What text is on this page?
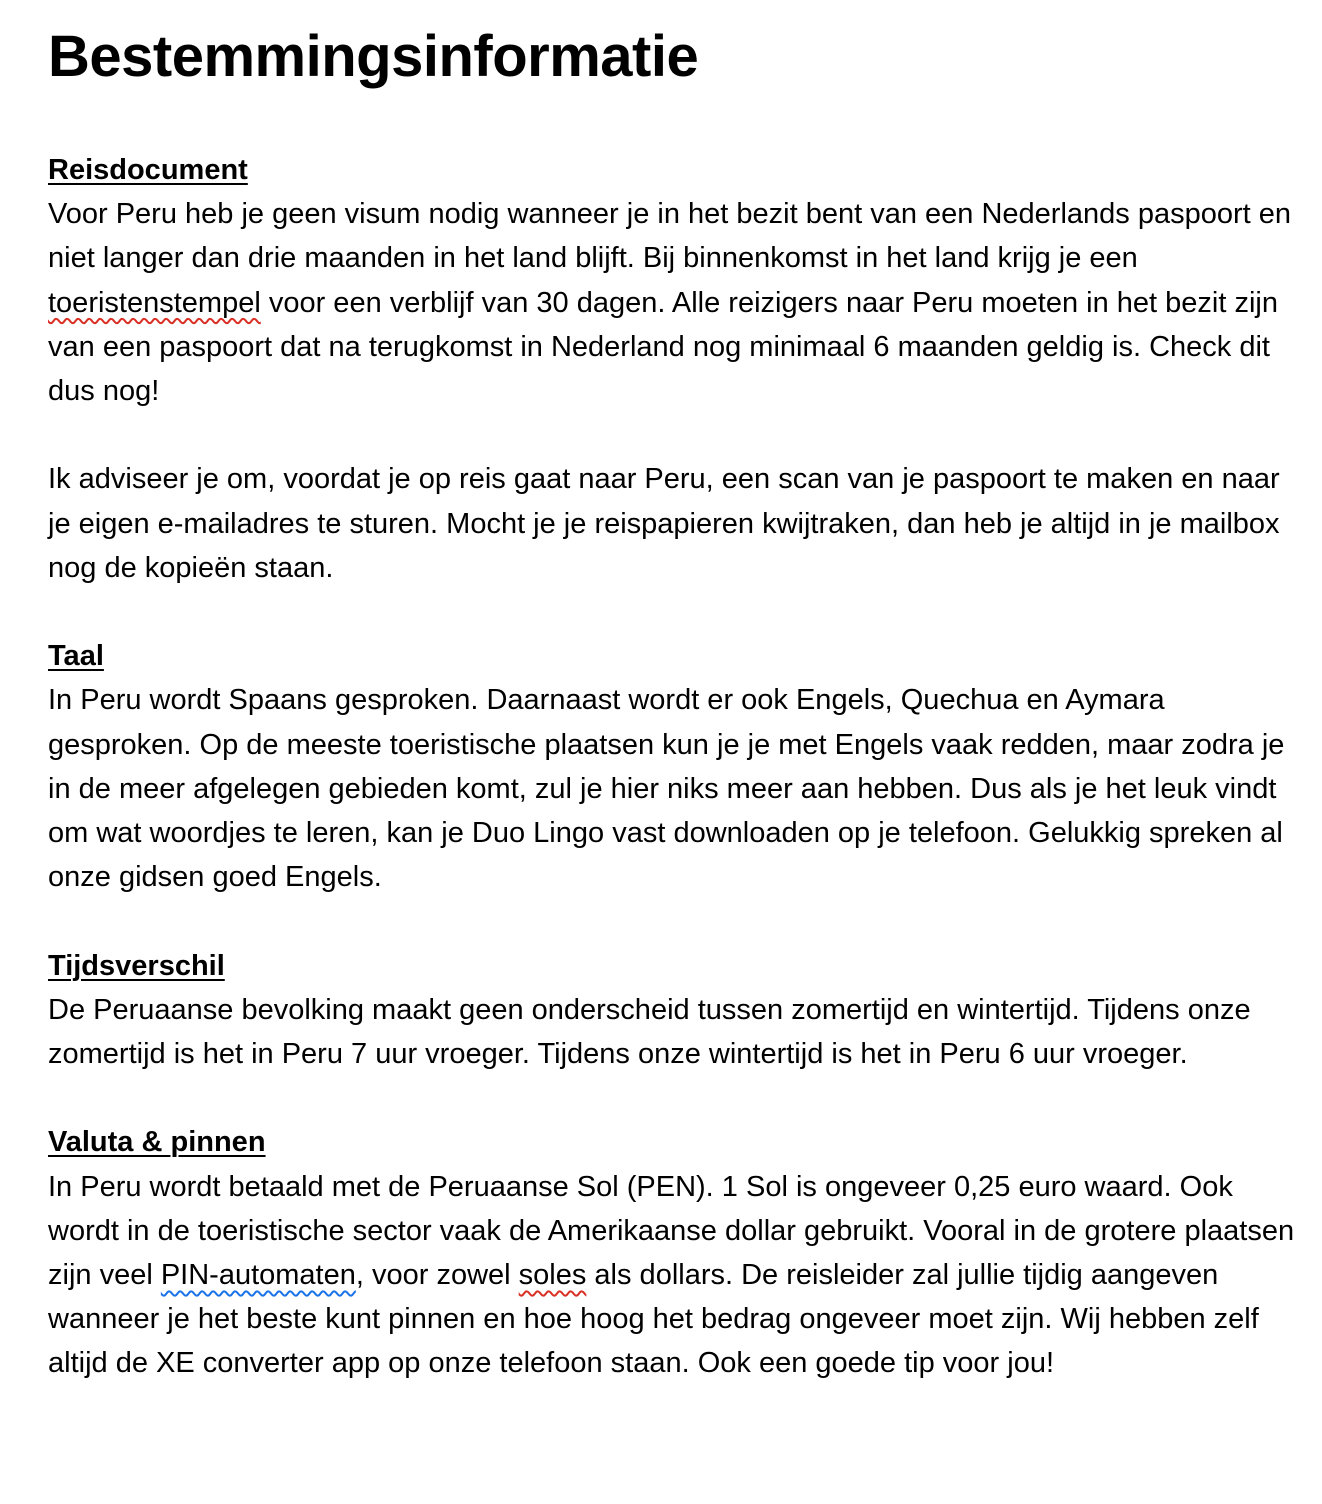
Bestemmingsinformatie
Reisdocument

Voor Peru heb je geen visum nodig wanneer je in het bezit bent van een Nederlands paspoort en niet langer dan drie maanden in het land blijft. Bij binnenkomst in het land krijg je een toeristenstempel voor een verblijf van 30 dagen. Alle reizigers naar Peru moeten in het bezit zijn van een paspoort dat na terugkomst in Nederland nog minimaal 6 maanden geldig is. Check dit dus nog!

Ik adviseer je om, voordat je op reis gaat naar Peru, een scan van je paspoort te maken en naar je eigen e-mailadres te sturen. Mocht je je reispapieren kwijtraken, dan heb je altijd in je mailbox nog de kopieën staan.

Taal

In Peru wordt Spaans gesproken. Daarnaast wordt er ook Engels, Quechua en Aymara gesproken. Op de meeste toeristische plaatsen kun je je met Engels vaak redden, maar zodra je in de meer afgelegen gebieden komt, zul je hier niks meer aan hebben. Dus als je het leuk vindt om wat woordjes te leren, kan je Duo Lingo vast downloaden op je telefoon. Gelukkig spreken al onze gidsen goed Engels.

Tijdsverschil

De Peruaanse bevolking maakt geen onderscheid tussen zomertijd en wintertijd. Tijdens onze zomertijd is het in Peru 7 uur vroeger. Tijdens onze wintertijd is het in Peru 6 uur vroeger.

Valuta & pinnen

In Peru wordt betaald met de Peruaanse Sol (PEN). 1 Sol is ongeveer 0,25 euro waard. Ook wordt in de toeristische sector vaak de Amerikaanse dollar gebruikt. Vooral in de grotere plaatsen zijn veel PIN-automaten, voor zowel soles als dollars. De reisleider zal jullie tijdig aangeven wanneer je het beste kunt pinnen en hoe hoog het bedrag ongeveer moet zijn. Wij hebben zelf altijd de XE converter app op onze telefoon staan. Ook een goede tip voor jou!
